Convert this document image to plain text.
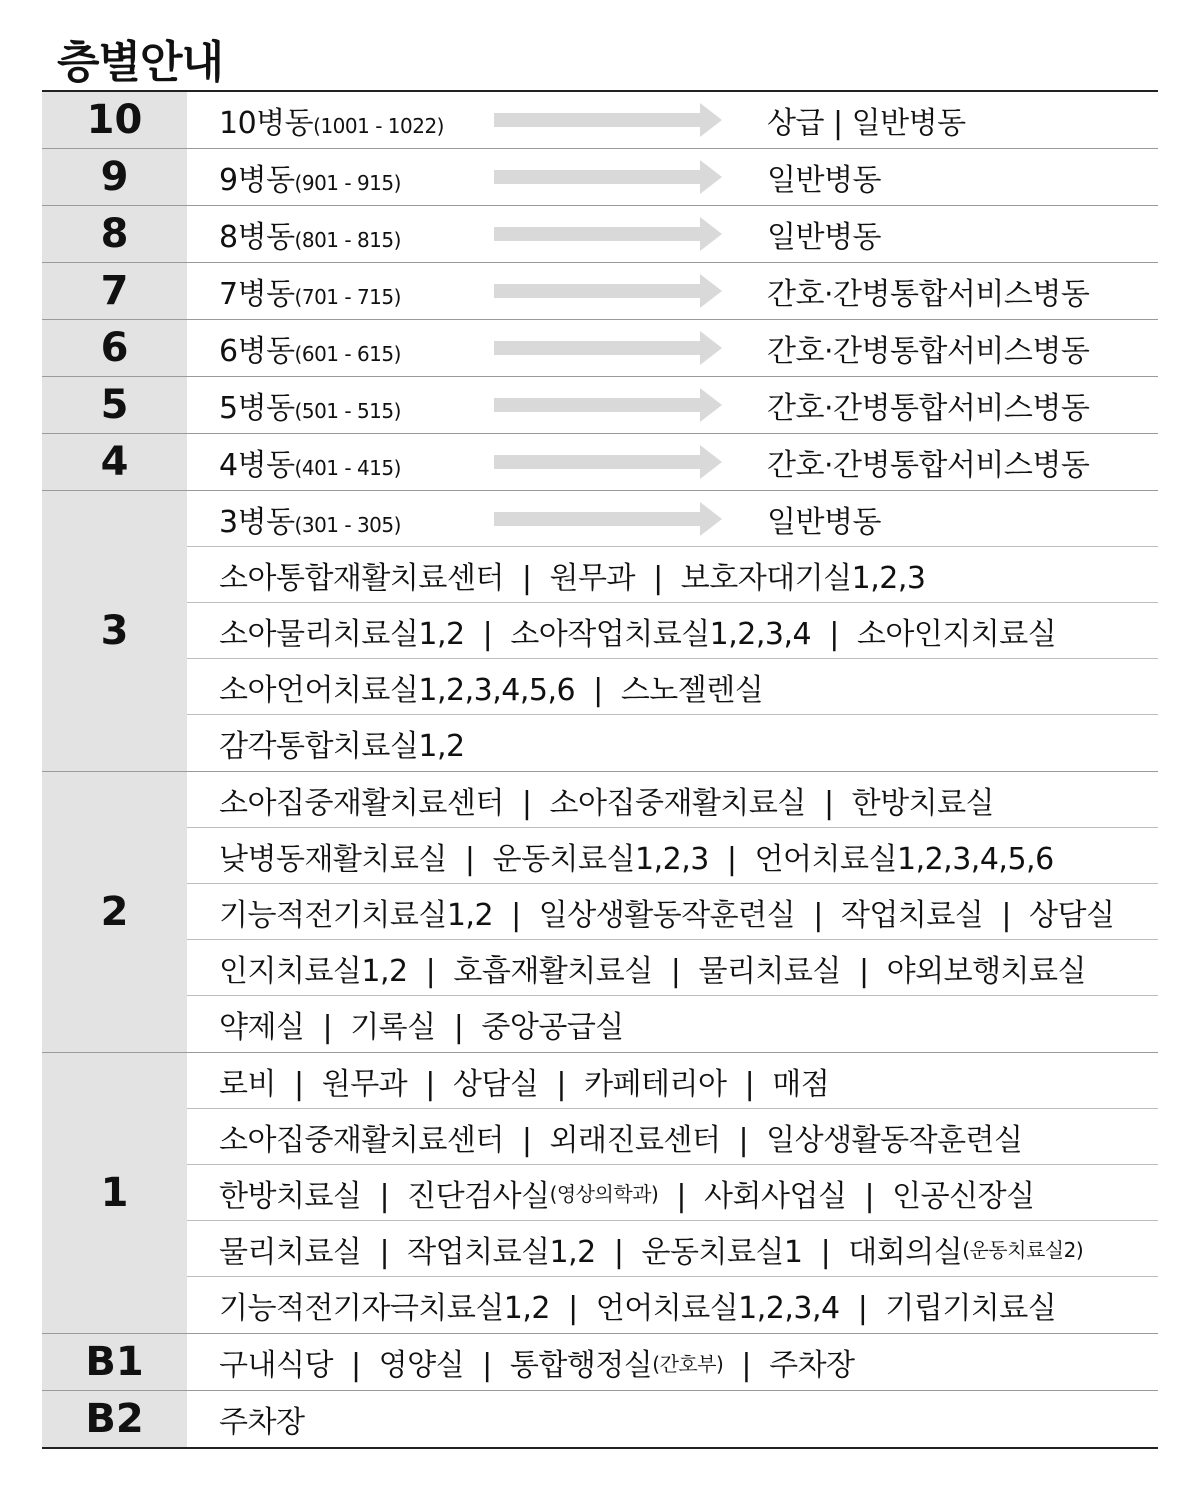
층별안내
10	10병동(1001 - 1022)	상급 | 일반병동
9	9병동(901 - 915)	일반병동
8	8병동(801 - 815)	일반병동
7	7병동(701 - 715)	간호·간병통합서비스병동
6	6병동(601 - 615)	간호·간병통합서비스병동
5	5병동(501 - 515)	간호·간병통합서비스병동
4	4병동(401 - 415)	간호·간병통합서비스병동
3
3병동(301 - 305)	일반병동
소아통합재활치료센터  |  원무과  |  보호자대기실1,2,3
소아물리치료실1,2  |  소아작업치료실1,2,3,4  |  소아인지치료실
소아언어치료실1,2,3,4,5,6  |  스노젤렌실
감각통합치료실1,2
2
소아집중재활치료센터  |  소아집중재활치료실  |  한방치료실
낮병동재활치료실  |  운동치료실1,2,3  |  언어치료실1,2,3,4,5,6
기능적전기치료실1,2  |  일상생활동작훈련실  |  작업치료실  |  상담실
인지치료실1,2  |  호흡재활치료실  |  물리치료실  |  야외보행치료실
약제실  |  기록실  |  중앙공급실
1
로비  |  원무과  |  상담실  |  카페테리아  |  매점
소아집중재활치료센터  |  외래진료센터  |  일상생활동작훈련실
한방치료실  |  진단검사실 (영상의학과) |  사회사업실  |  인공신장실
물리치료실  |  작업치료실1,2  |  운동치료실1  |  대회의실 (운동치료실2)
기능적전기자극치료실1,2  |  언어치료실1,2,3,4  |  기립기치료실
B1	구내식당  |  영양실  |  통합행정실 (간호부) |  주차장
B2	주차장
